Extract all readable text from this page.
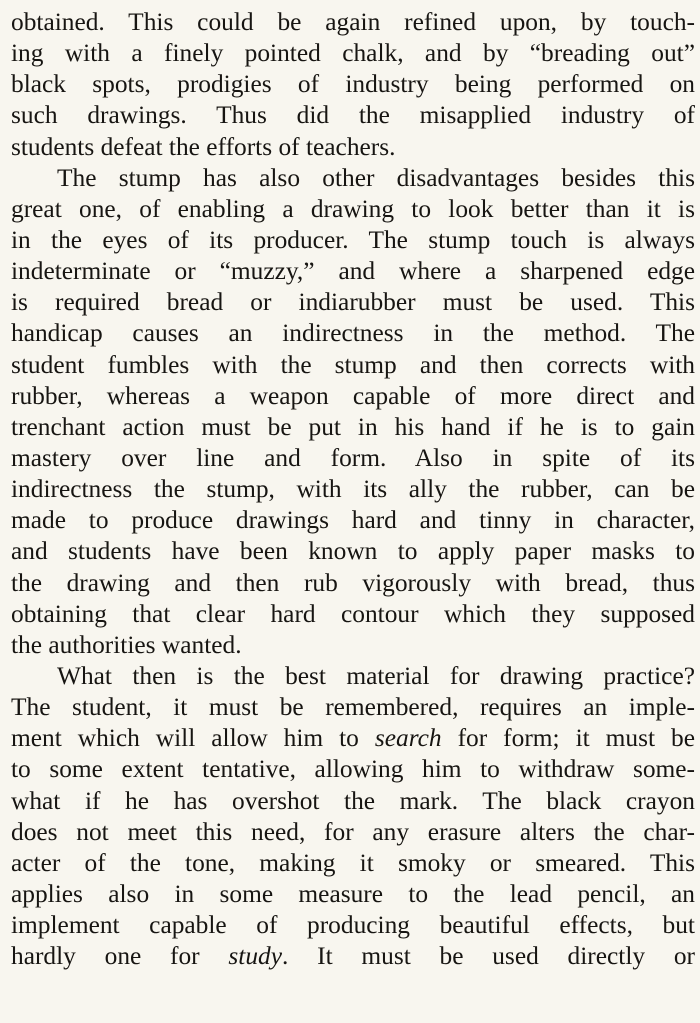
obtained. This could be again refined upon, by touch-
ing with a finely pointed chalk, and by “breading out”
black spots, prodigies of industry being performed on
such drawings. Thus did the misapplied industry of
students defeat the efforts of teachers.
The stump has also other disadvantages besides this
great one, of enabling a drawing to look better than it is
in the eyes of its producer. The stump touch is always
indeterminate or “muzzy,” and where a sharpened edge
is required bread or indiarubber must be used. This
handicap causes an indirectness in the method. The
student fumbles with the stump and then corrects with
rubber, whereas a weapon capable of more direct and
trenchant action must be put in his hand if he is to gain
mastery over line and form. Also in spite of its
indirectness the stump, with its ally the rubber, can be
made to produce drawings hard and tinny in character,
and students have been known to apply paper masks to
the drawing and then rub vigorously with bread, thus
obtaining that clear hard contour which they supposed
the authorities wanted.
What then is the best material for drawing practice?
The student, it must be remembered, requires an imple-
ment which will allow him to search for form; it must be
to some extent tentative, allowing him to withdraw some-
what if he has overshot the mark. The black crayon
does not meet this need, for any erasure alters the char-
acter of the tone, making it smoky or smeared. This
applies also in some measure to the lead pencil, an
implement capable of producing beautiful effects, but
hardly one for study. It must be used directly or
